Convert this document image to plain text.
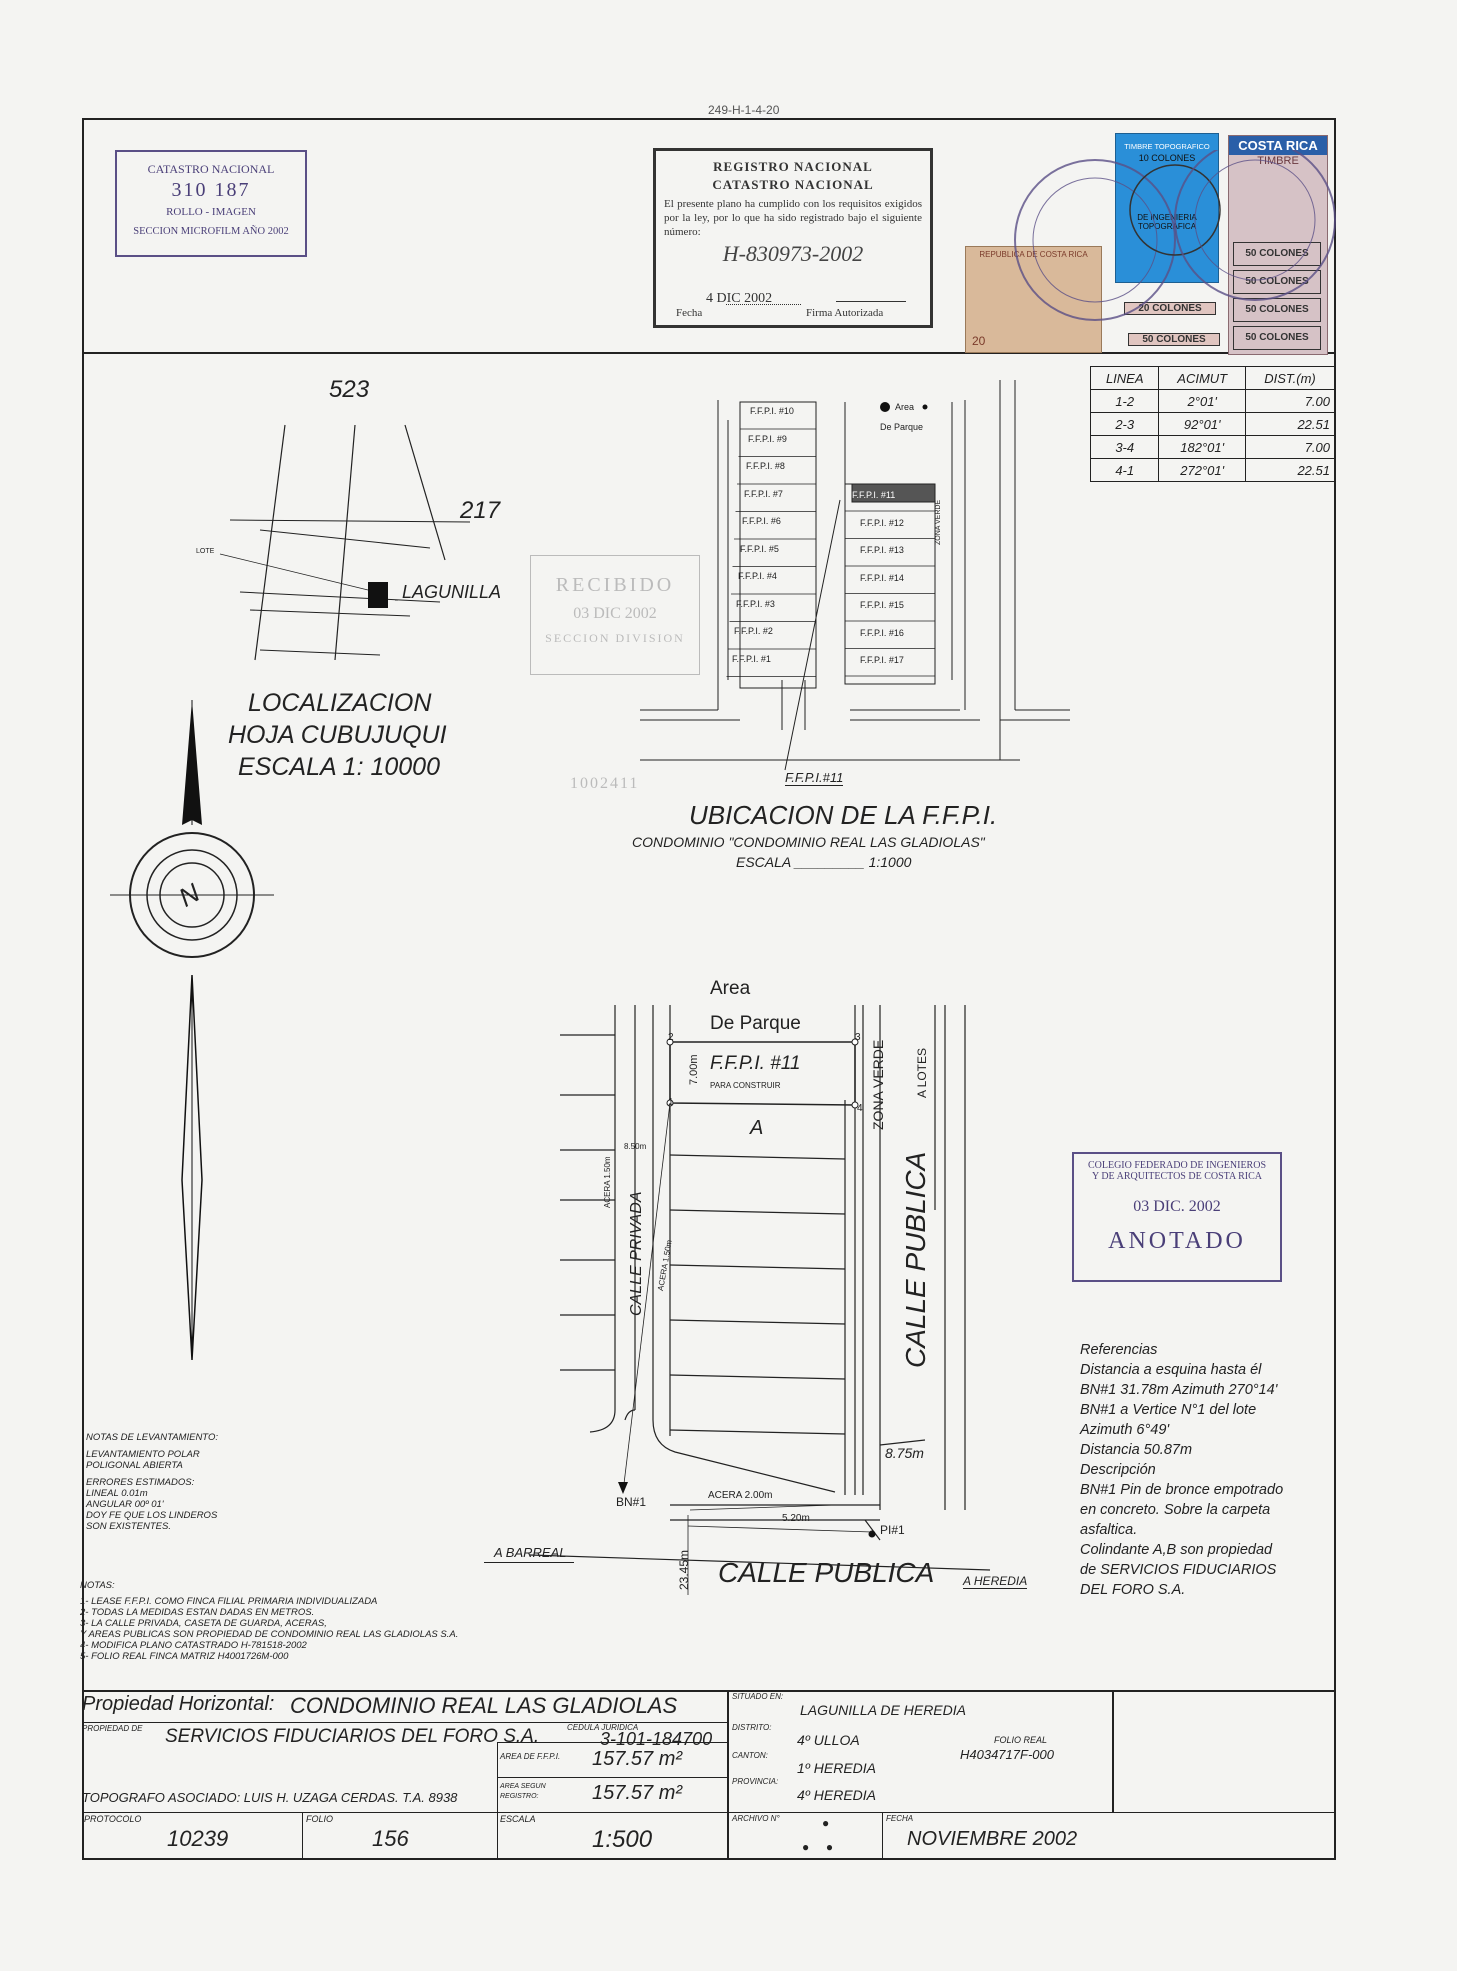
249-H-1-4-20
CATASTRO NACIONAL
310 187
ROLLO - IMAGEN
SECCION MICROFILM AÑO 2002
REGISTRO NACIONAL
CATASTRO NACIONAL
El presente plano ha cumplido con los requisitos exigidos por la ley, por lo que ha sido registrado bajo el siguiente número:
H-830973-2002
4 DIC 2002
Fecha	Firma Autorizada
REPUBLICA DE COSTA RICA
20
TIMBRE TOPOGRAFICO
10 COLONES
DE INGENIERIA TOPOGRAFICA
COSTA RICA
TIMBRE
50 COLONES
50 COLONES
50 COLONES
50 COLONES
20 COLONES
50 COLONES
LINEA	ACIMUT	DIST.(m)
1-2	2°01'	7.00
2-3	92°01'	22.51
3-4	182°01'	7.00
4-1	272°01'	22.51
523
217
LOTE
LAGUNILLA
LOCALIZACION
HOJA CUBUJUQUI
ESCALA 1: 10000
RECIBIDO
03 DIC 2002
SECCION DIVISION
1002411
F.F.P.I. #10
F.F.P.I. #9
F.F.P.I. #8
F.F.P.I. #7
F.F.P.I. #6
F.F.P.I. #5
F.F.P.I. #4
F.F.P.I. #3
F.F.P.I. #2
F.F.P.I. #1
F.F.P.I. #11
F.F.P.I. #12
F.F.P.I. #13
F.F.P.I. #14
F.F.P.I. #15
F.F.P.I. #16
F.F.P.I. #17
Area
De Parque
ZONA VERDE
F.F.P.I.#11
UBICACION DE LA F.F.P.I.
CONDOMINIO "CONDOMINIO REAL LAS GLADIOLAS"
ESCALA _________ 1:1000
N
Area
De Parque
F.F.P.I. #11
PARA CONSTRUIR
7.00m
A
2	3
1
4 ZONA VERDE A LOTES
CALLE PUBLICA
CALLE PRIVADA
ACERA 1.50m
ACERA 1.50m
8.50m
8.75m
ACERA 2.00m
5.20m
BN#1
PI#1
23.45m
A BARREAL
CALLE PUBLICA A HEREDIA
COLEGIO FEDERADO DE INGENIEROS
Y DE ARQUITECTOS DE COSTA RICA
03 DIC. 2002
ANOTADO
Referencias
Distancia a esquina hasta él
BN#1 31.78m Azimuth 270°14'
BN#1 a Vertice N°1 del lote
Azimuth 6°49'
Distancia 50.87m
Descripción
BN#1 Pin de bronce empotrado
en concreto. Sobre la carpeta
asfaltica.
Colindante A,B son propiedad
de SERVICIOS FIDUCIARIOS
DEL FORO S.A.
NOTAS DE LEVANTAMIENTO:
LEVANTAMIENTO POLAR
POLIGONAL ABIERTA
ERRORES ESTIMADOS:
LINEAL 0.01m
ANGULAR 00º 01'
DOY FE QUE LOS LINDEROS
SON EXISTENTES.
NOTAS:
1- LEASE F.F.P.I. COMO FINCA FILIAL PRIMARIA INDIVIDUALIZADA
2- TODAS LA MEDIDAS ESTAN DADAS EN METROS.
3- LA CALLE PRIVADA, CASETA DE GUARDA, ACERAS,
Y AREAS PUBLICAS SON PROPIEDAD DE CONDOMINIO REAL LAS GLADIOLAS S.A.
4- MODIFICA PLANO CATASTRADO H-781518-2002
5- FOLIO REAL FINCA MATRIZ H4001726M-000
Propiedad Horizontal: CONDOMINIO REAL LAS GLADIOLAS
PROPIEDAD DE SERVICIOS FIDUCIARIOS DEL FORO S.A.	CEDULA JURIDICA
3-101-184700
AREA DE F.F.P.I. 157.57 m²
AREA SEGUN
REGISTRO:	157.57 m²
TOPOGRAFO ASOCIADO: LUIS H. UZAGA CERDAS. T.A. 8938
PROTOCOLO
10239
FOLIO
156
ESCALA
1:500
SITUADO EN:
LAGUNILLA DE HEREDIA
DISTRITO:
4º ULLOA
CANTON:
1º HEREDIA
PROVINCIA:
4º HEREDIA
FOLIO REAL
H4034717F-000
ARCHIVO N°	●
●     ●
FECHA
NOVIEMBRE 2002
